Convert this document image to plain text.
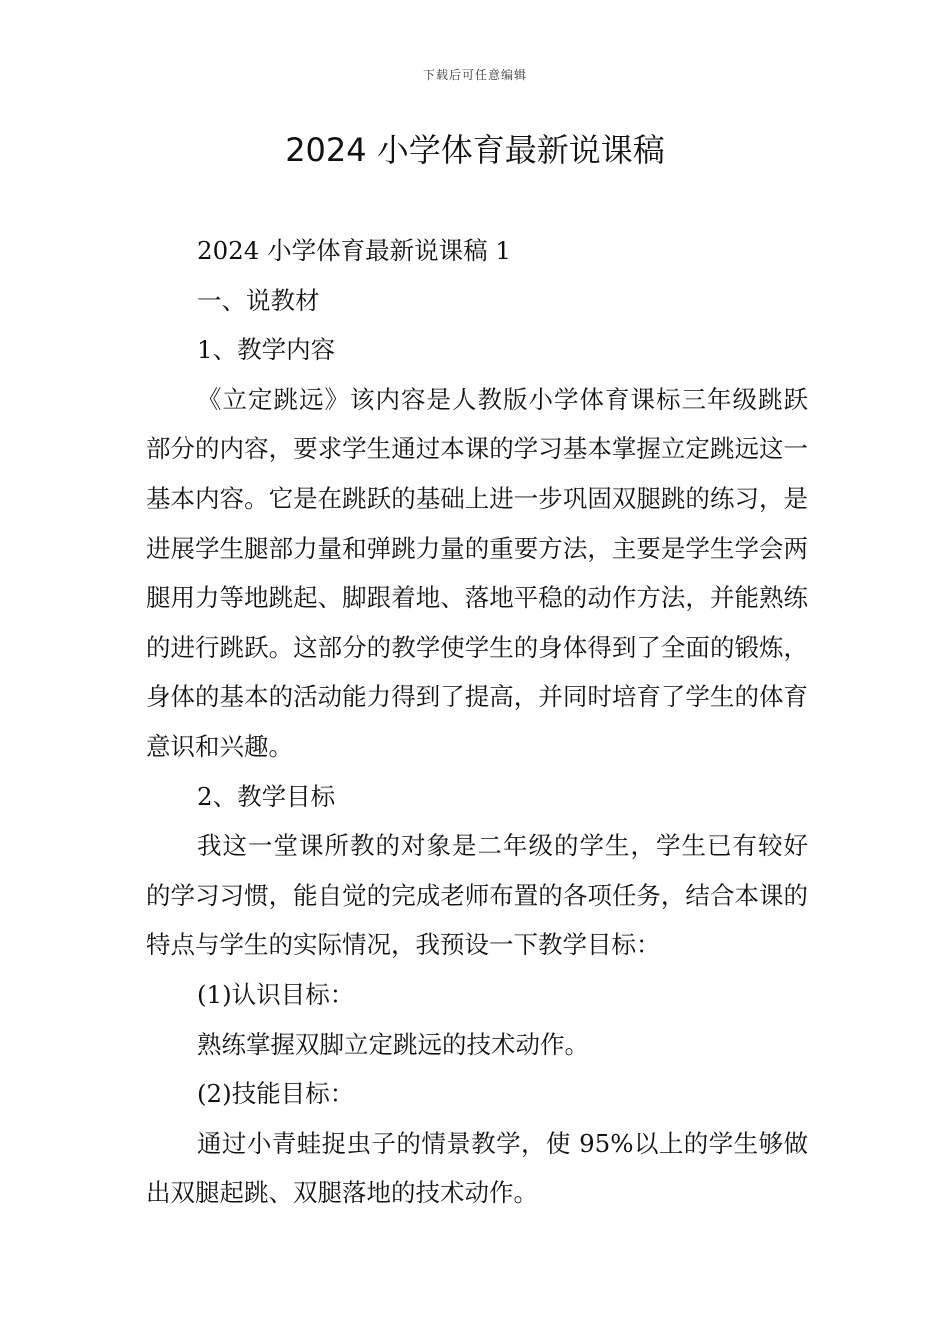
下载后可任意编辑
2024 小学体育最新说课稿

2024 小学体育最新说课稿 1

一、说教材

1、教学内容

《立定跳远》该内容是人教版小学体育课标三年级跳跃部分的内容，要求学生通过本课的学习基本掌握立定跳远这一基本内容。它是在跳跃的基础上进一步巩固双腿跳的练习，是进展学生腿部力量和弹跳力量的重要方法，主要是学生学会两腿用力等地跳起、脚跟着地、落地平稳的动作方法，并能熟练的进行跳跃。这部分的教学使学生的身体得到了全面的锻炼，身体的基本的活动能力得到了提高，并同时培育了学生的体育意识和兴趣。

2、教学目标

我这一堂课所教的对象是二年级的学生，学生已有较好的学习习惯，能自觉的完成老师布置的各项任务，结合本课的特点与学生的实际情况，我预设一下教学目标：

(1)认识目标：

熟练掌握双脚立定跳远的技术动作。

(2)技能目标：

通过小青蛙捉虫子的情景教学，使 95%以上的学生够做出双腿起跳、双腿落地的技术动作。
